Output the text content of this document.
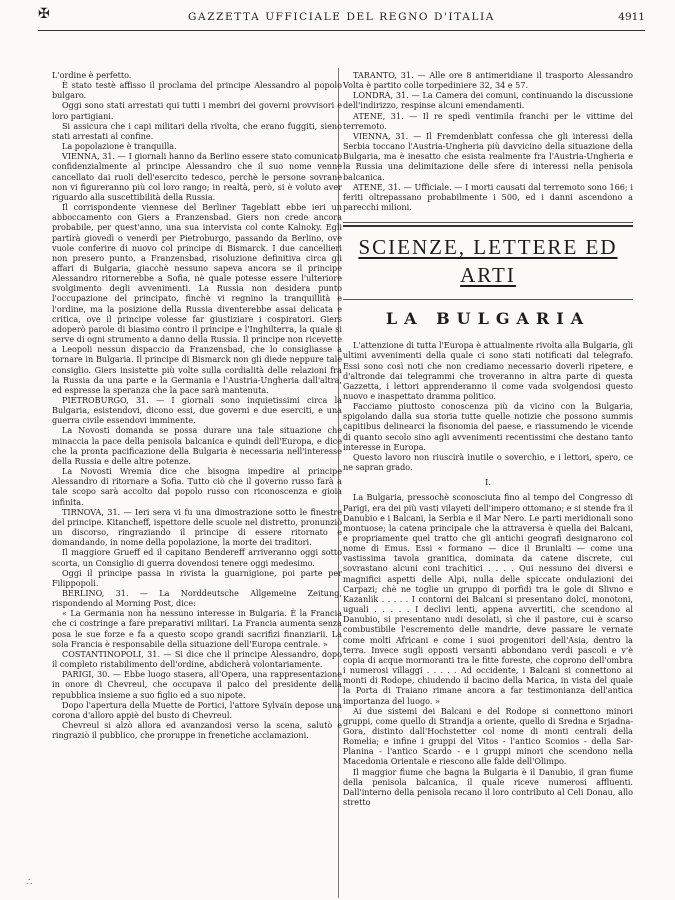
✠	GAZZETTA UFFICIALE DEL REGNO D'ITALIA	4911

L'ordine è perfetto.

È stato testè affisso il proclama del principe Alessandro al popolo bulgaro.

Oggi sono stati arrestati qui tutti i membri dei governi provvisori e loro partigiani.

Si assicura che i capi militari della rivolta, che erano fuggiti, sieno stati arrestati al confine.

La popolazione è tranquilla.

VIENNA, 31. — I giornali hanno da Berlino essere stato comunicato confidenzialmente al principe Alessandro che il suo nome venne cancellato dai ruoli dell'esercito tedesco, perchè le persone sovrane non vi figureranno più col loro rango; in realtà, però, si è voluto aver riguardo alla suscettibilità della Russia.

Il corrispondente viennese del Berliner Tageblatt ebbe ieri un abboccamento con Giers a Franzensbad. Giers non crede ancora probabile, per quest'anno, una sua intervista col conte Kalnoky. Egli partirà giovedì o venerdì per Pietroburgo, passando da Berlino, ove vuole conferire di nuovo col principe di Bismarck. I due cancellieri non presero punto, a Franzensbad, risoluzione definitiva circa gli affari di Bulgaria, giacchè nessuno sapeva ancora se il principe Alessandro ritornerebbe a Sofia, nè quale potesse essere l'ulteriore svolgimento degli avvenimenti. La Russia non desidera punto l'occupazione del principato, finchè vi regnino la tranquillità e l'ordine, ma la posizione della Russia diventerebbe assai delicata e critica, ove il principe volesse far giustiziare i cospiratori. Giers adoperò parole di biasimo contro il principe e l'Inghilterra, la quale si serve di ogni strumento a danno della Russia. Il principe non ricevette a Leopoli nessun dispaccio da Franzensbad, che lo consigliasse a tornare in Bulgaria. Il principe di Bismarck non gli diede neppure tale consiglio. Giers insistette più volte sulla cordialità delle relazioni fra la Russia da una parte e la Germania e l'Austria-Ungheria dall'altra, ed espresse la speranza che la pace sarà mantenuta.

PIETROBURGO, 31. — I giornali sono inquietissimi circa la Bulgaria, esistendovi, dicono essi, due governi e due eserciti, e una guerra civile essendovi imminente.

La Novosti domanda se possa durare una tale situazione che minaccia la pace della penisola balcanica e quindi dell'Europa, e dice che la pronta pacificazione della Bulgaria è necessaria nell'interesse della Russia e delle altre potenze.

La Novosti Wremia dice che bisogna impedire al principe Alessandro di ritornare a Sofia. Tutto ciò che il governo russo farà a tale scopo sarà accolto dal popolo russo con riconoscenza e gioia infinita.

TIRNOVA, 31. — Ieri sera vi fu una dimostrazione sotto le finestre del principe. Kitancheff, ispettore delle scuole nel distretto, pronunziò un discorso, ringraziando il principe di essere ritornato e domandando, in nome della popolazione, la morte dei traditori.

Il maggiore Grueff ed il capitano Bendereff arriveranno oggi sotto scorta, un Consiglio di guerra dovendosi tenere oggi medesimo.

Oggi il principe passa in rivista la guarnigione, poi parte per Filippopoli.

BERLINO, 31. — La Norddeutsche Allgemeine Zeitung, rispondendo al Morning Post, dice:

« La Germania non ha nessuno interesse in Bulgaria. È la Francia che ci costringe a fare preparativi militari. La Francia aumenta senza posa le sue forze e fa a questo scopo grandi sacrifizi finanziarii. La sola Francia è responsabile della situazione dell'Europa centrale. »

COSTANTINOPOLI, 31. — Si dice che il principe Alessandro, dopo il completo ristabilimento dell'ordine, abdicherà volontariamente.

PARIGI, 30. — Ebbe luogo stasera, all'Opera, una rappresentazione in onore di Chevreul, che occupava il palco del presidente della repubblica insieme a suo figlio ed a suo nipote.

Dopo l'apertura della Muette de Portici, l'attore Sylvain depose una corona d'alloro appiè del busto di Chevreul.

Chevreul si alzò allora ed avanzandosi verso la scena, salutò e ringraziò il pubblico, che proruppe in frenetiche acclamazioni.

TARANTO, 31. — Alle ore 8 antimeridiane il trasporto Alessandro Volta è partito colle torpediniere 32, 34 e 57.

LONDRA, 31. — La Camera dei comuni, continuando la discussione dell'indirizzo, respinse alcuni emendamenti.

ATENE, 31. — Il re spedì ventimila franchi per le vittime del terremoto.

VIENNA, 31. — Il Fremdenblatt confessa che gli interessi della Serbia toccano l'Austria-Ungheria più davvicino della situazione della Bulgaria, ma è inesatto che esista realmente fra l'Austria-Ungheria e la Russia una delimitazione delle sfere di interessi nella penisola balcanica.

ATENE, 31. — Ufficiale. — I morti causati dal terremoto sono 166; i feriti oltrepassano probabilmente i 500, ed i danni ascendono a parecchi milioni.

SCIENZE, LETTERE ED ARTI
LA BULGARIA

L'attenzione di tutta l'Europa è attualmente rivolta alla Bulgaria, gli ultimi avvenimenti della quale ci sono stati notificati dal telegrafo. Essi sono così noti che non crediamo necessario doverli ripetere, e d'altronde dai telegrammi che troveranno in altra parte di questa Gazzetta, i lettori apprenderanno il come vada svolgendosi questo nuovo e inaspettato dramma politico.

Facciamo piuttosto conoscenza più da vicino con la Bulgaria, spigolando dalla sua storia tutte quelle notizie che possono summis capitibus delinearci la fisonomia del paese, e riassumendo le vicende di quanto secolo sino agli avvenimenti recentissimi che destano tanto interesse in Europa.

Questo lavoro non riuscirà inutile o soverchio, e i lettori, spero, ce ne sapran grado.

I.

La Bulgaria, pressochè sconosciuta fino al tempo del Congresso di Parigi, era dei più vasti vilayeti dell'impero ottomano; e si stende fra il Danubio e i Balcani, la Serbia e il Mar Nero. Le parti meridionali sono montuose; la catena principale che la attraversa è quella dei Balcani, e propriamente quel tratto che gli antichi geografi designarono col nome di Emus. Essi « formano — dice il Brunialti — come una vastissima tavola granitica, dominata da catene discrete, cui sovrastano alcuni coni trachitici . . . . Qui nessuno dei diversi e magnifici aspetti delle Alpi, nulla delle spiccate ondulazioni dei Carpazi; chè ne toglie un gruppo di porfidi tra le gole di Slivno e Kazanlik . . . . . I contorni dei Balcani si presentano dolci, monotoni, uguali . . . . . I declivi lenti, appena avvertiti, che scendono al Danubio, si presentano nudi desolati, sì che il pastore, cui è scarso combustibile l'escremento delle mandrie, deve passare le vernate come molti Africani e come i suoi progenitori dell'Asia, dentro la terra. Invece sugli opposti versanti abbondano verdi pascoli e v'è copia di acque mormoranti tra le fitte foreste, che coprono dell'ombra i numerosi villaggi . . . . . Ad occidente, i Balcani si connettono ai monti di Rodope, chiudendo il bacino della Marica, in vista del quale la Porta di Traiano rimane ancora a far testimonianza dell'antica importanza del luogo. »

Ai due sistemi dei Balcani e del Rodope si connettono minori gruppi, come quello di Strandja a oriente, quello di Sredna e Srjadna-Gora, distinto dall'Hochstetter col nome di monti centrali della Romelia; e infine i gruppi del Vitos - l'antico Scomios - della Sar-Planina - l'antico Scardo - e i gruppi minori che scendono nella Macedonia Orientale e riescono alle falde dell'Olimpo.

Il maggior fiume che bagna la Bulgaria è il Danubio, il gran fiume della penisola balcanica, il quale riceve numerosi affluenti. Dall'interno della penisola recano il loro contributo al Celi Donau, allo stretto

∴
